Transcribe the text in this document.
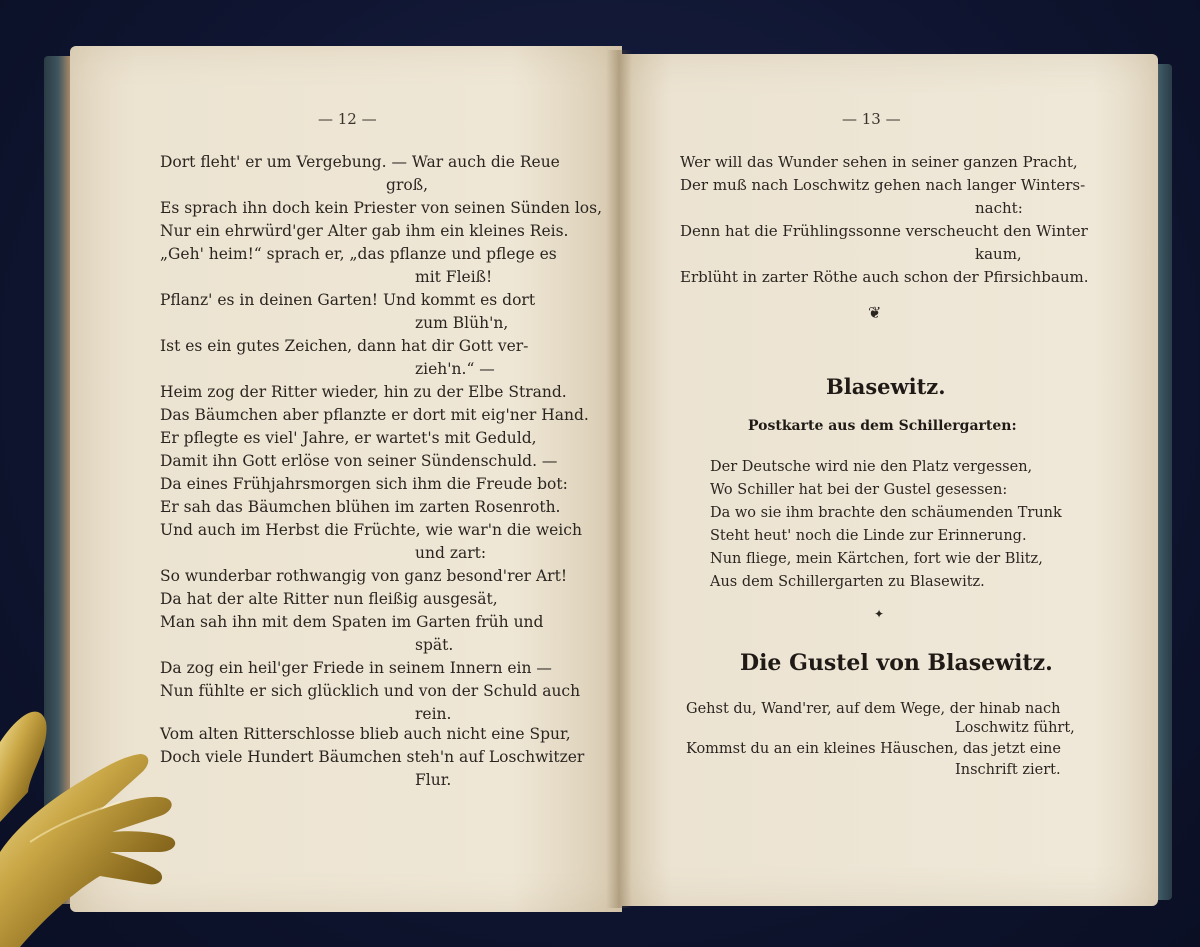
— 12 —
Dort fleht' er um Vergebung. — War auch die Reue
groß,
Es sprach ihn doch kein Priester von seinen Sünden los,
Nur ein ehrwürd'ger Alter gab ihm ein kleines Reis.
„Geh' heim!“ sprach er, „das pflanze und pflege es
mit Fleiß!
Pflanz' es in deinen Garten! Und kommt es dort
zum Blüh'n,
Ist es ein gutes Zeichen, dann hat dir Gott ver-
zieh'n.“ —
Heim zog der Ritter wieder, hin zu der Elbe Strand.
Das Bäumchen aber pflanzte er dort mit eig'ner Hand.
Er pflegte es viel' Jahre, er wartet's mit Geduld,
Damit ihn Gott erlöse von seiner Sündenschuld. —
Da eines Frühjahrsmorgen sich ihm die Freude bot:
Er sah das Bäumchen blühen im zarten Rosenroth.
Und auch im Herbst die Früchte, wie war'n die weich
und zart:
So wunderbar rothwangig von ganz besond'rer Art!
Da hat der alte Ritter nun fleißig ausgesät,
Man sah ihn mit dem Spaten im Garten früh und
spät.
Da zog ein heil'ger Friede in seinem Innern ein —
Nun fühlte er sich glücklich und von der Schuld auch
rein.
Vom alten Ritterschlosse blieb auch nicht eine Spur,
Doch viele Hundert Bäumchen steh'n auf Loschwitzer
Flur.
— 13 —
Wer will das Wunder sehen in seiner ganzen Pracht,
Der muß nach Loschwitz gehen nach langer Winters-
nacht:
Denn hat die Frühlingssonne verscheucht den Winter
kaum,
Erblüht in zarter Röthe auch schon der Pfirsichbaum.
❦
Blasewitz.
Postkarte aus dem Schillergarten:
Der Deutsche wird nie den Platz vergessen,
Wo Schiller hat bei der Gustel gesessen:
Da wo sie ihm brachte den schäumenden Trunk
Steht heut' noch die Linde zur Erinnerung.
Nun fliege, mein Kärtchen, fort wie der Blitz,
Aus dem Schillergarten zu Blasewitz.
✦
Die Gustel von Blasewitz.
Gehst du, Wand'rer, auf dem Wege, der hinab nach
Loschwitz führt,
Kommst du an ein kleines Häuschen, das jetzt eine
Inschrift ziert.
